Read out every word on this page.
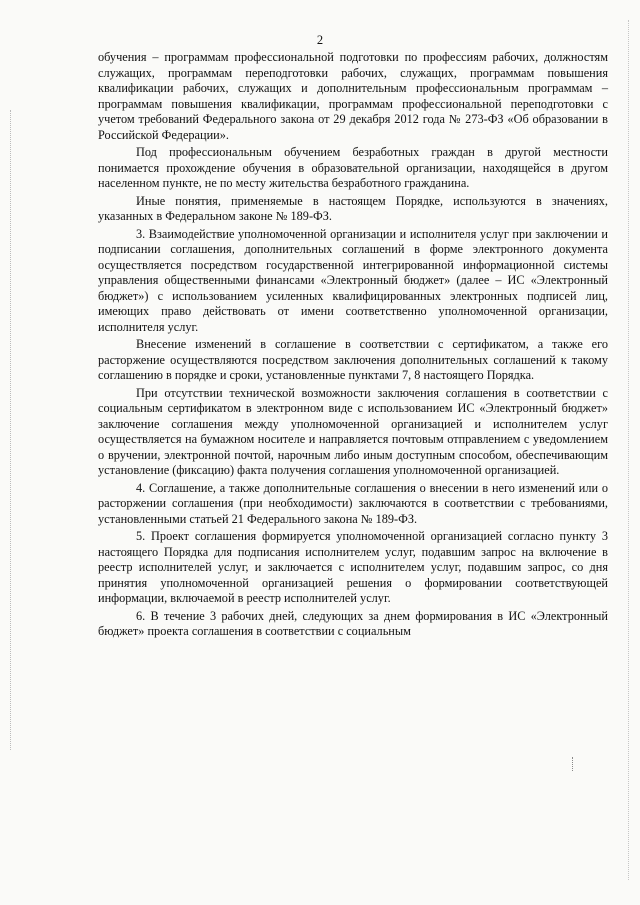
2

обучения – программам профессиональной подготовки по профессиям рабочих, должностям служащих, программам переподготовки рабочих, служащих, программам повышения квалификации рабочих, служащих и дополнительным профессиональным программам – программам повышения квалификации, программам профессиональной переподготовки с учетом требований Федерального закона от 29 декабря 2012 года № 273-ФЗ «Об образовании в Российской Федерации».

Под профессиональным обучением безработных граждан в другой местности понимается прохождение обучения в образовательной организации, находящейся в другом населенном пункте, не по месту жительства безработного гражданина.

Иные понятия, применяемые в настоящем Порядке, используются в значениях, указанных в Федеральном законе № 189-ФЗ.

3. Взаимодействие уполномоченной организации и исполнителя услуг при заключении и подписании соглашения, дополнительных соглашений в форме электронного документа осуществляется посредством государственной интегрированной информационной системы управления общественными финансами «Электронный бюджет» (далее – ИС «Электронный бюджет») с использованием усиленных квалифицированных электронных подписей лиц, имеющих право действовать от имени соответственно уполномоченной организации, исполнителя услуг.

Внесение изменений в соглашение в соответствии с сертификатом, а также его расторжение осуществляются посредством заключения дополнительных соглашений к такому соглашению в порядке и сроки, установленные пунктами 7, 8 настоящего Порядка.

При отсутствии технической возможности заключения соглашения в соответствии с социальным сертификатом в электронном виде с использованием ИС «Электронный бюджет» заключение соглашения между уполномоченной организацией и исполнителем услуг осуществляется на бумажном носителе и направляется почтовым отправлением с уведомлением о вручении, электронной почтой, нарочным либо иным доступным способом, обеспечивающим установление (фиксацию) факта получения соглашения уполномоченной организацией.

4. Соглашение, а также дополнительные соглашения о внесении в него изменений или о расторжении соглашения (при необходимости) заключаются в соответствии с требованиями, установленными статьей 21 Федерального закона № 189-ФЗ.

5. Проект соглашения формируется уполномоченной организацией согласно пункту 3 настоящего Порядка для подписания исполнителем услуг, подавшим запрос на включение в реестр исполнителей услуг, и заключается с исполнителем услуг, подавшим запрос, со дня принятия уполномоченной организацией решения о формировании соответствующей информации, включаемой в реестр исполнителей услуг.

6. В течение 3 рабочих дней, следующих за днем формирования в ИС «Электронный бюджет» проекта соглашения в соответствии с социальным
